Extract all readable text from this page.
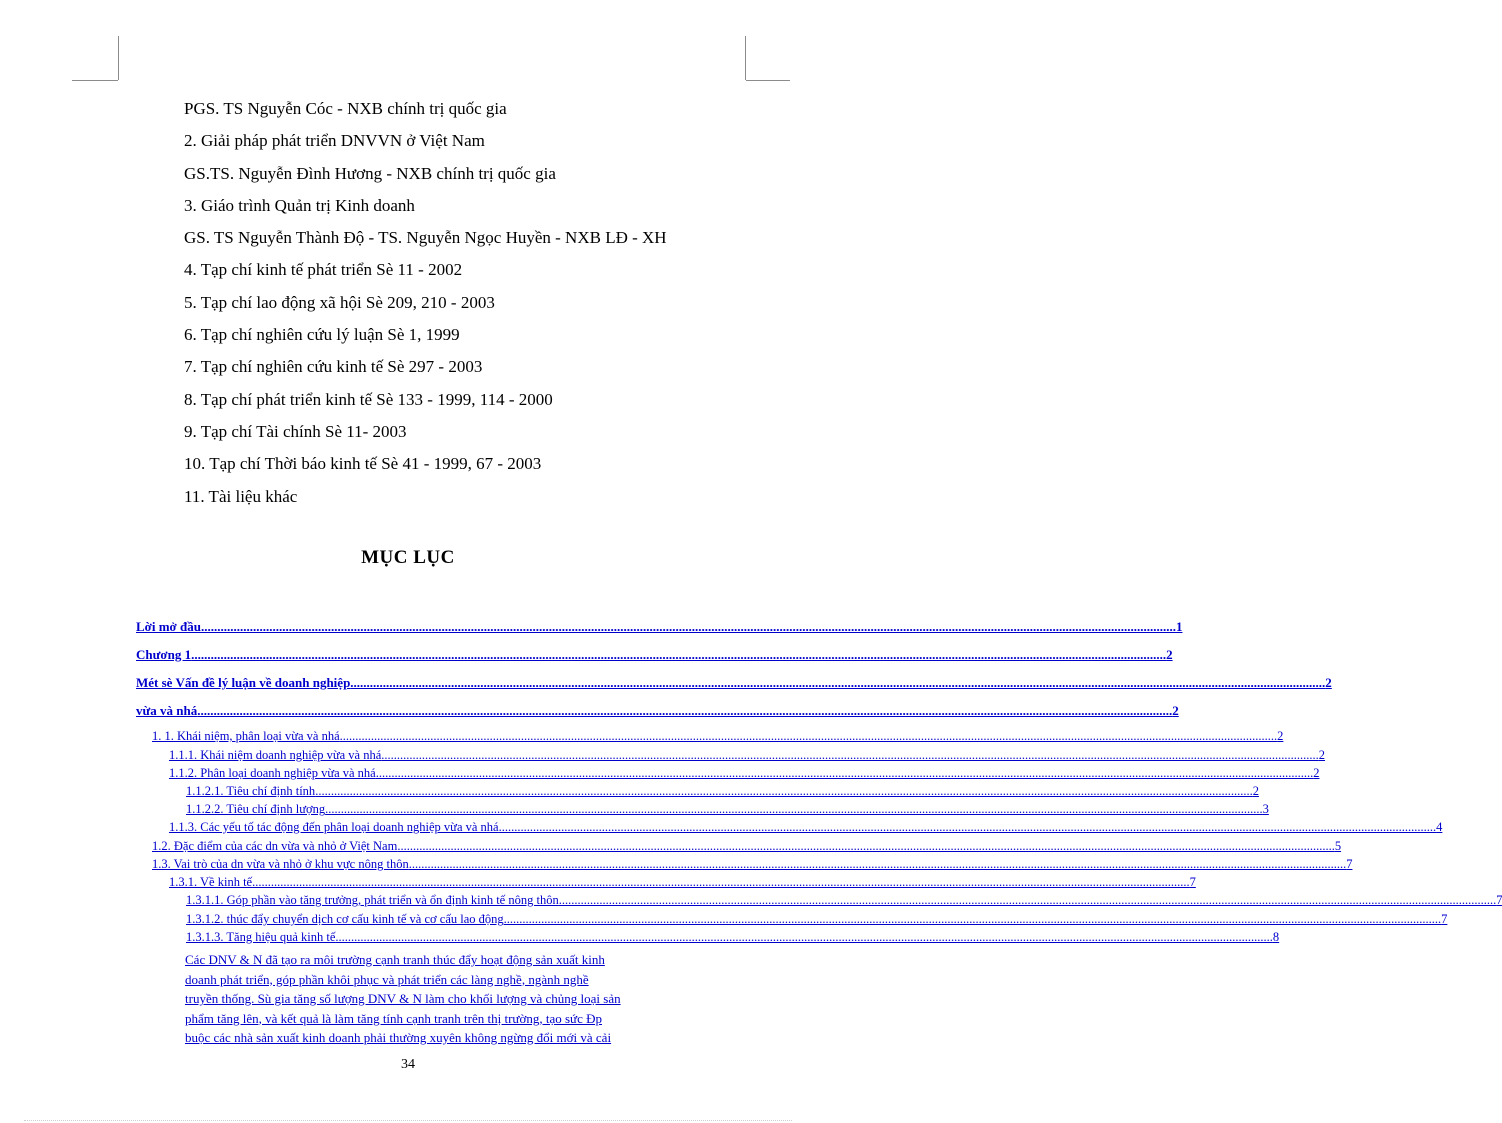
PGS. TS Nguyễn Cóc - NXB chính trị quốc gia
2. Giải pháp phát triển DNVVN ở Việt Nam
GS.TS. Nguyễn Đình Hương - NXB chính trị quốc gia
3. Giáo trình Quản trị Kinh doanh
GS. TS Nguyễn Thành Độ - TS. Nguyễn Ngọc Huyền - NXB LĐ - XH
4. Tạp chí kinh tế phát triển Sè 11 - 2002
5. Tạp chí lao động xã hội Sè 209, 210 - 2003
6. Tạp chí nghiên cứu lý luận Sè 1, 1999
7. Tạp chí nghiên cứu kinh tế Sè 297 - 2003
8. Tạp chí phát triển kinh tế Sè 133 - 1999, 114 - 2000
9. Tạp chí Tài chính Sè 11- 2003
10. Tạp chí Thời báo kinh tế Sè 41 - 1999, 67 - 2003
11. Tài liệu khác
MỤC LỤC
Lời mở đầu ............................................................................................................................................................................................................................................................................................................ 1
Chương 1 ............................................................................................................................................................................................................................................................................................................ 2
Mét sè Vấn đề lý luận về doanh nghiệp ............................................................................................................................................................................................................................................................................................................ 2
vừa và nhá ............................................................................................................................................................................................................................................................................................................ 2
1. 1. Khái niệm, phân loại vừa và nhá ............................................................................................................................................................................................................................................................................................................ 2
1.1.1. Khái niệm doanh nghiệp vừa và nhá ............................................................................................................................................................................................................................................................................................................ 2
1.1.2. Phân loại doanh nghiệp vừa và nhá ............................................................................................................................................................................................................................................................................................................ 2
1.1.2.1. Tiêu chí định tính ............................................................................................................................................................................................................................................................................................................ 2
1.1.2.2. Tiêu chí định lượng ............................................................................................................................................................................................................................................................................................................ 3
1.1.3. Các yếu tố tác động đến phân loại doanh nghiệp vừa và nhá ............................................................................................................................................................................................................................................................................................................ 4
1.2. Đặc điểm của các dn vừa và nhỏ ở Việt Nam ............................................................................................................................................................................................................................................................................................................ 5
1.3. Vai trò của dn vừa và nhỏ ở khu vực nông thôn ............................................................................................................................................................................................................................................................................................................ 7
1.3.1. Về kinh tế ............................................................................................................................................................................................................................................................................................................ 7
1.3.1.1. Góp phần vào tăng trưởng, phát triển và ổn định kinh tế nông thôn ............................................................................................................................................................................................................................................................................................................ 7
1.3.1.2. thúc đẩy chuyển dịch cơ cấu kinh tế và cơ cấu lao động ............................................................................................................................................................................................................................................................................................................ 7
1.3.1.3. Tăng hiệu quả kinh tế ............................................................................................................................................................................................................................................................................................................ 8
Các DNV & N đã tạo ra môi trường cạnh tranh thúc đẩy hoạt động sản xuất kinh
doanh phát triển, góp phần khôi phục và phát triển các làng nghề, ngành nghề
truyền thống. Sù gia tăng số lượng DNV & N làm cho khối lượng và chủng loại sản
phẩm tăng lên, và kết quả là làm tăng tính cạnh tranh trên thị trường, tạo sức Ðp
buộc các nhà sản xuất kinh doanh phải thường xuyên không ngừng đổi mới và cải
34
